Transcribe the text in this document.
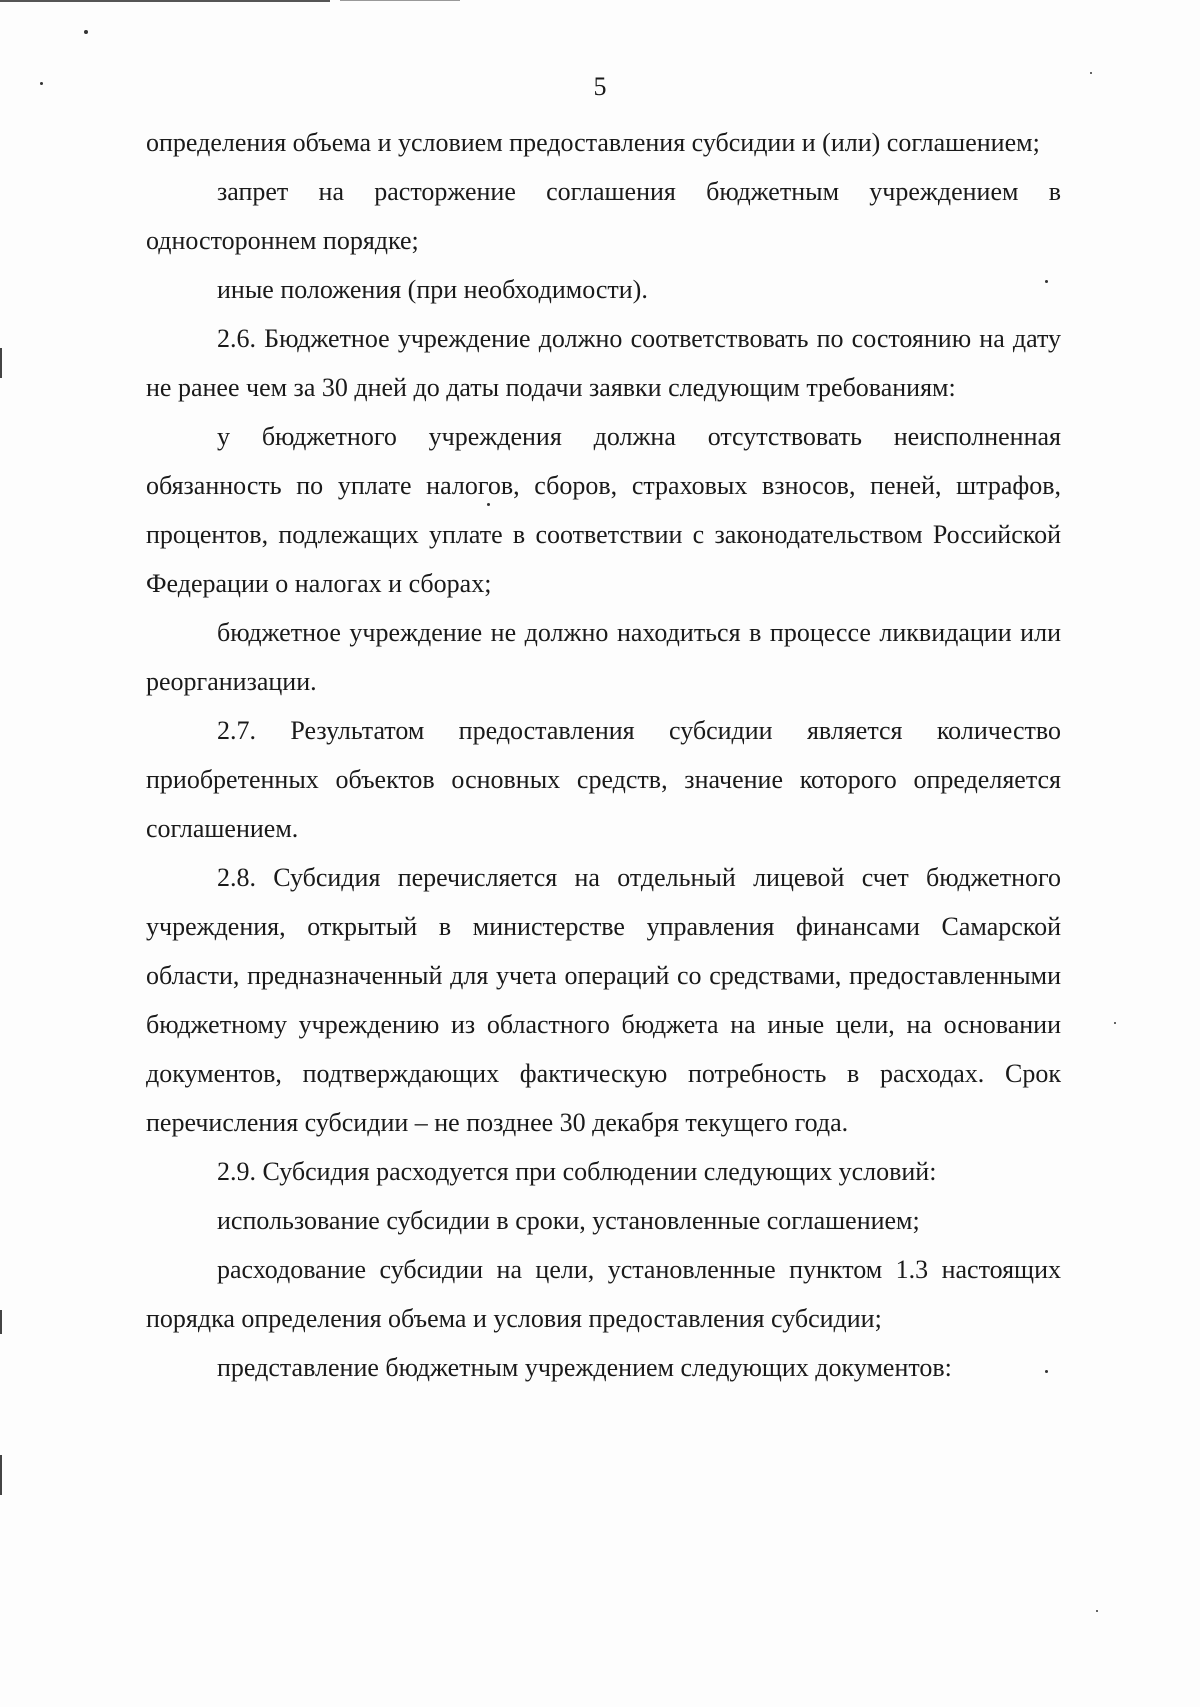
5

определения объема и условием предоставления субсидии и (или) соглашением;

запрет на расторжение соглашения бюджетным учреждением в одностороннем порядке;

иные положения (при необходимости).

2.6. Бюджетное учреждение должно соответствовать по состоянию на дату не ранее чем за 30 дней до даты подачи заявки следующим требованиям:

у бюджетного учреждения должна отсутствовать неисполненная обязанность по уплате налогов, сборов, страховых взносов, пеней, штрафов, процентов, подлежащих уплате в соответствии с законодательством Российской Федерации о налогах и сборах;

бюджетное учреждение не должно находиться в процессе ликвидации или реорганизации.

2.7. Результатом предоставления субсидии является количество приобретенных объектов основных средств, значение которого определяется соглашением.

2.8. Субсидия перечисляется на отдельный лицевой счет бюджетного учреждения, открытый в министерстве управления финансами Самарской области, предназначенный для учета операций со средствами, предоставленными бюджетному учреждению из областного бюджета на иные цели, на основании документов, подтверждающих фактическую потребность в расходах. Срок перечисления субсидии – не позднее 30 декабря текущего года.

2.9. Субсидия расходуется при соблюдении следующих условий:

использование субсидии в сроки, установленные соглашением;

расходование субсидии на цели, установленные пунктом 1.3 настоящих порядка определения объема и условия предоставления субсидии;

представление бюджетным учреждением следующих документов:
